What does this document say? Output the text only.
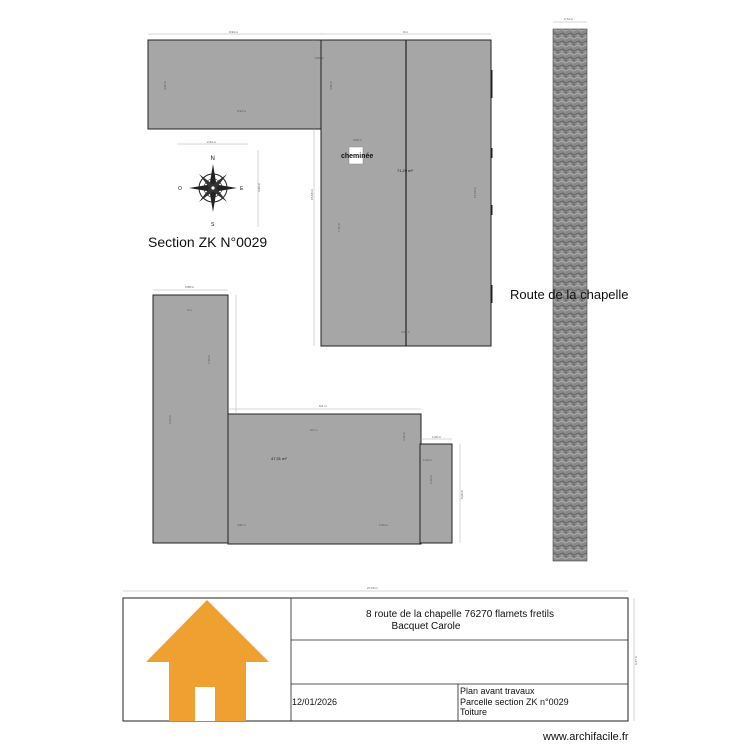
cheminée
Route de la chapelle
Section ZK N°0029
N
S
E
O
71,29 m²
47,31 m²
9,94 m	9 m
2,74 m
4,80 m
9,94 m
0,80 m
4,80 m
0,80 m
15,00 m
7,15 m
16,00 m
4,50 m
2,94 m
3,90 m
3,88 m
3 m
6,43 m
3,40 m
9,6 m
9,6 m
3,40 m	1,60 m
1,63 m
5,00 m
3,30 m
3,82 m	2,36 m
27,00 m
6,37 m
8 route de la chapelle 76270 flamets fretils
Bacquet Carole
12/01/2026
Plan avant travaux
Parcelle section ZK n°0029
Toiture
www.archifacile.fr
